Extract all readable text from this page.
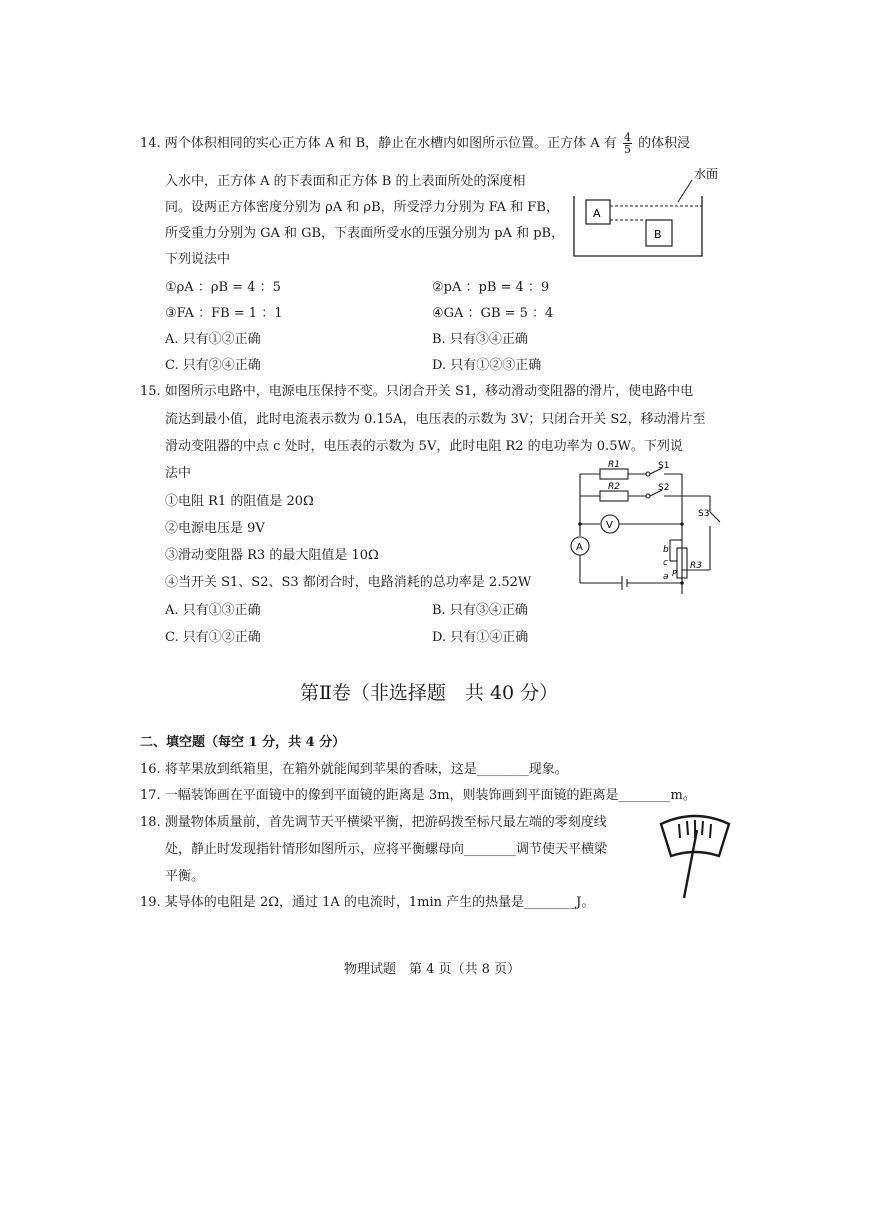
14. 两个体积相同的实心正方体 A 和 B，静止在水槽内如图所示位置。正方体 A 有 $\frac{4}{5}$ 的体积浸
入水中，正方体 A 的下表面和正方体 B 的上表面所处的深度相
同。设两正方体密度分别为 ρA 和 ρB，所受浮力分别为 FA 和 FB，
所受重力分别为 GA 和 GB，下表面所受水的压强分别为 pA 和 pB，
下列说法中
①ρA ：ρB = 4 ：5	②pA ：pB = 4 ：9
③FA ：FB = 1 ：1	④GA ：GB = 5 ：4
A. 只有①②正确	B. 只有③④正确
C. 只有②④正确	D. 只有①②③正确
水面
A
B
15. 如图所示电路中，电源电压保持不变。只闭合开关 S1，移动滑动变阻器的滑片，使电路中电
流达到最小值，此时电流表示数为 0.15A，电压表的示数为 3V；只闭合开关 S2，移动滑片至
滑动变阻器的中点 c 处时，电压表的示数为 5V，此时电阻 R2 的电功率为 0.5W。下列说
法中
①电阻 R1 的阻值是 20Ω
②电源电压是 9V
③滑动变阻器 R3 的最大阻值是 10Ω
④当开关 S1、S2、S3 都闭合时，电路消耗的总功率是 2.52W
A. 只有①③正确	B. 只有③④正确
C. 只有①②正确	D. 只有①④正确
R1
R2
S1
S2
S3
V
A	b
c
a P
R3
第Ⅱ卷（非选择题　共 40 分）
二、填空题（每空 1 分，共 4 分）
16. 将苹果放到纸箱里，在箱外就能闻到苹果的香味，这是________现象。
17. 一幅装饰画在平面镜中的像到平面镜的距离是 3m，则装饰画到平面镜的距离是________m。
18. 测量物体质量前，首先调节天平横梁平衡，把游码拨至标尺最左端的零刻度线
处，静止时发现指针情形如图所示，应将平衡螺母向________调节使天平横梁
平衡。
19. 某导体的电阻是 2Ω，通过 1A 的电流时，1min 产生的热量是________J。
物理试题　第 4 页（共 8 页）
